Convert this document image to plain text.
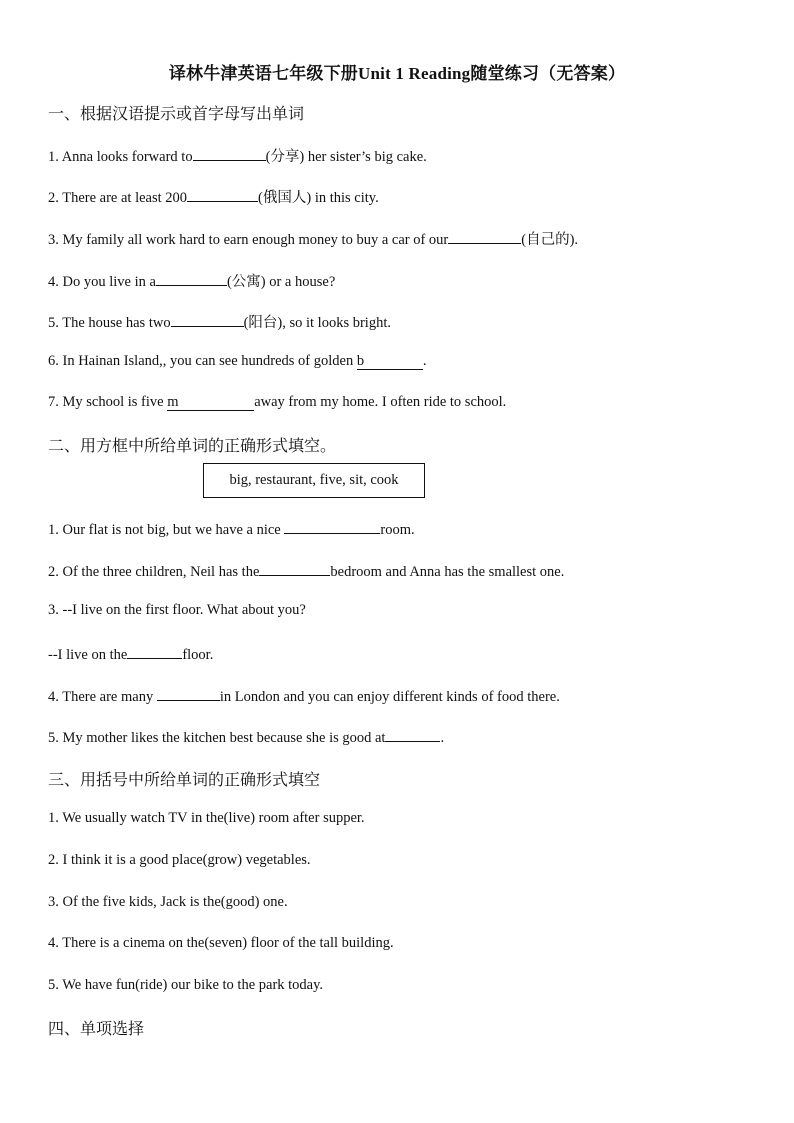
译林牛津英语七年级下册Unit 1 Reading随堂练习（无答案）
一、根据汉语提示或首字母写出单词
1. Anna looks forward to	(分享) her sister’s big cake.
2. There are at least 200	(俄国人) in this city.
3. My family all work hard to earn enough money to buy a car of our	(自己的).
4. Do you live in a	(公寓) or a house?
5. The house has two	(阳台), so it looks bright.
6. In Hainan Island,, you can see hundreds of golden b	.
7. My school is five m	away from my home. I often ride to school.
二、用方框中所给单词的正确形式填空。
big, restaurant, five, sit, cook
1. Our flat is not big, but we have a nice	room.
2. Of the three children, Neil has the	bedroom and Anna has the smallest one.
3. --I live on the first floor. What about you?
--I live on the	floor.
4. There are many	in London and you can enjoy different kinds of food there.
5. My mother likes the kitchen best because she is good at	.
三、用括号中所给单词的正确形式填空
1. We usually watch TV in the(live) room after supper.
2. I think it is a good place(grow) vegetables.
3. Of the five kids, Jack is the(good) one.
4. There is a cinema on the(seven) floor of the tall building.
5. We have fun(ride) our bike to the park today.
四、单项选择
